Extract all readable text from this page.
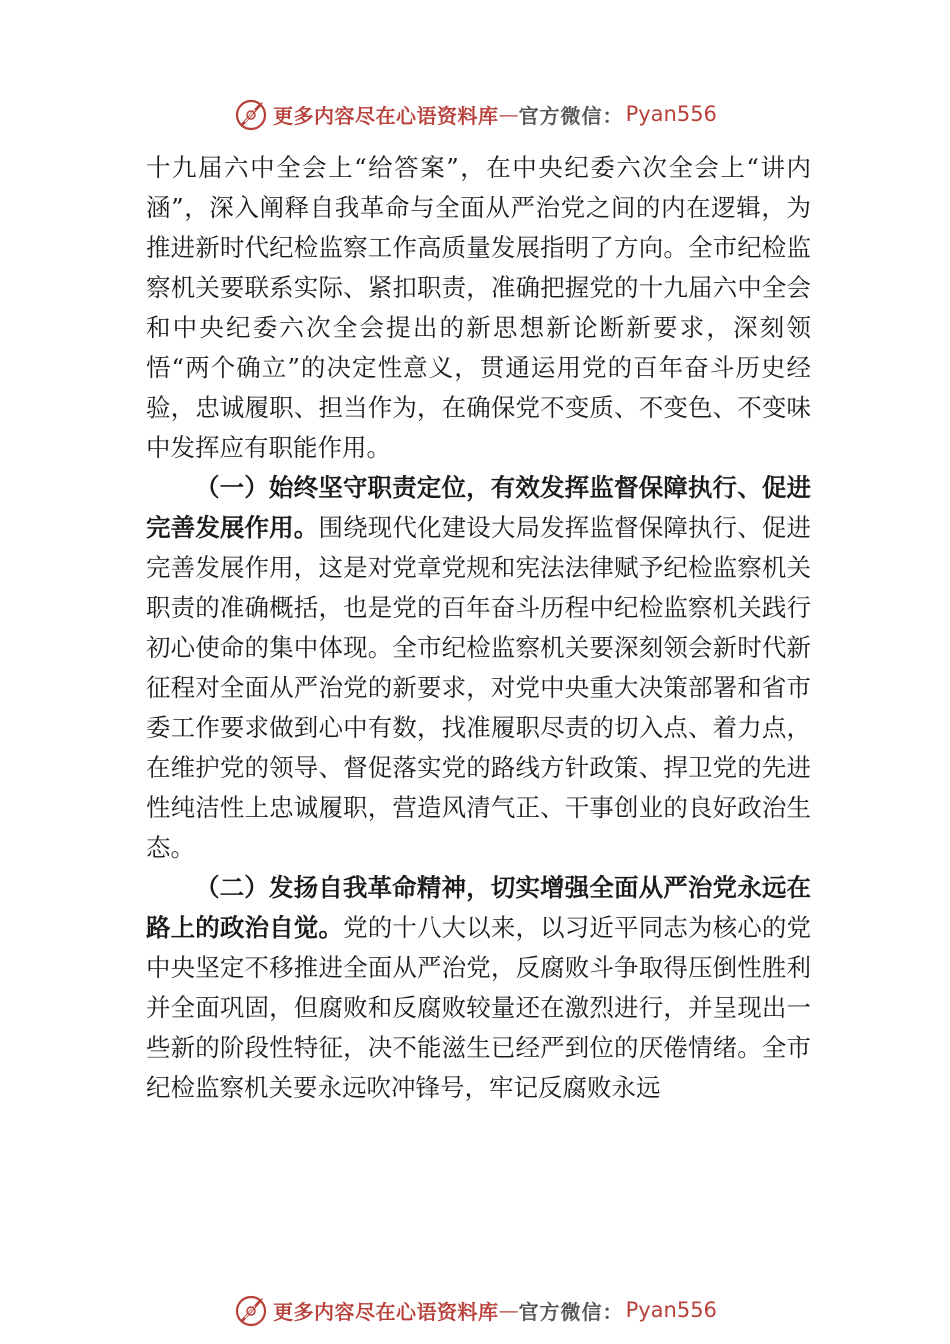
更多内容尽在心语资料库 — 官方微信： Pyan556

十九届六中全会上“给答案”，在中央纪委六次全会上“讲内涵”，深入阐释自我革命与全面从严治党之间的内在逻辑，为推进新时代纪检监察工作高质量发展指明了方向。全市纪检监察机关要联系实际、紧扣职责，准确把握党的十九届六中全会和中央纪委六次全会提出的新思想新论断新要求，深刻领悟“两个确立”的决定性意义，贯通运用党的百年奋斗历史经验，忠诚履职、担当作为，在确保党不变质、不变色、不变味中发挥应有职能作用。

（一）始终坚守职责定位，有效发挥监督保障执行、促进完善发展作用。围绕现代化建设大局发挥监督保障执行、促进完善发展作用，这是对党章党规和宪法法律赋予纪检监察机关职责的准确概括，也是党的百年奋斗历程中纪检监察机关践行初心使命的集中体现。全市纪检监察机关要深刻领会新时代新征程对全面从严治党的新要求，对党中央重大决策部署和省市委工作要求做到心中有数，找准履职尽责的切入点、着力点，在维护党的领导、督促落实党的路线方针政策、捍卫党的先进性纯洁性上忠诚履职，营造风清气正、干事创业的良好政治生态。

（二）发扬自我革命精神，切实增强全面从严治党永远在路上的政治自觉。党的十八大以来，以习近平同志为核心的党中央坚定不移推进全面从严治党，反腐败斗争取得压倒性胜利并全面巩固，但腐败和反腐败较量还在激烈进行，并呈现出一些新的阶段性特征，决不能滋生已经严到位的厌倦情绪。全市纪检监察机关要永远吹冲锋号，牢记反腐败永远

更多内容尽在心语资料库 — 官方微信： Pyan556
